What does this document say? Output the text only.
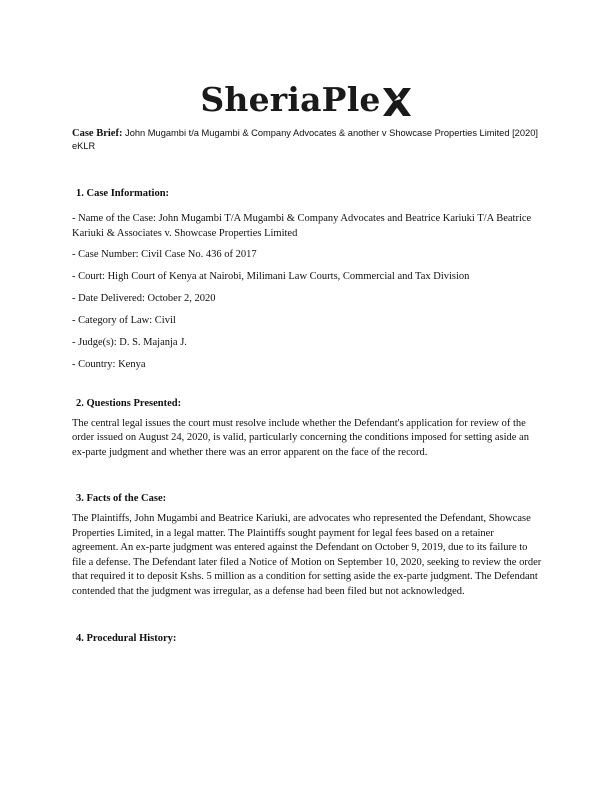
SheriaPle
Case Brief: John Mugambi t/a Mugambi & Company Advocates & another v Showcase Properties Limited [2020] eKLR
1. Case Information:

- Name of the Case: John Mugambi T/A Mugambi & Company Advocates and Beatrice Kariuki T/A Beatrice Kariuki & Associates v. Showcase Properties Limited

- Case Number: Civil Case No. 436 of 2017

- Court: High Court of Kenya at Nairobi, Milimani Law Courts, Commercial and Tax Division

- Date Delivered: October 2, 2020

- Category of Law: Civil

- Judge(s): D. S. Majanja J.

- Country: Kenya

2. Questions Presented:

The central legal issues the court must resolve include whether the Defendant's application for review of the order issued on August 24, 2020, is valid, particularly concerning the conditions imposed for setting aside an ex-parte judgment and whether there was an error apparent on the face of the record.

3. Facts of the Case:

The Plaintiffs, John Mugambi and Beatrice Kariuki, are advocates who represented the Defendant, Showcase Properties Limited, in a legal matter. The Plaintiffs sought payment for legal fees based on a retainer agreement. An ex-parte judgment was entered against the Defendant on October 9, 2019, due to its failure to file a defense. The Defendant later filed a Notice of Motion on September 10, 2020, seeking to review the order that required it to deposit Kshs. 5 million as a condition for setting aside the ex-parte judgment. The Defendant contended that the judgment was irregular, as a defense had been filed but not acknowledged.

4. Procedural History:
